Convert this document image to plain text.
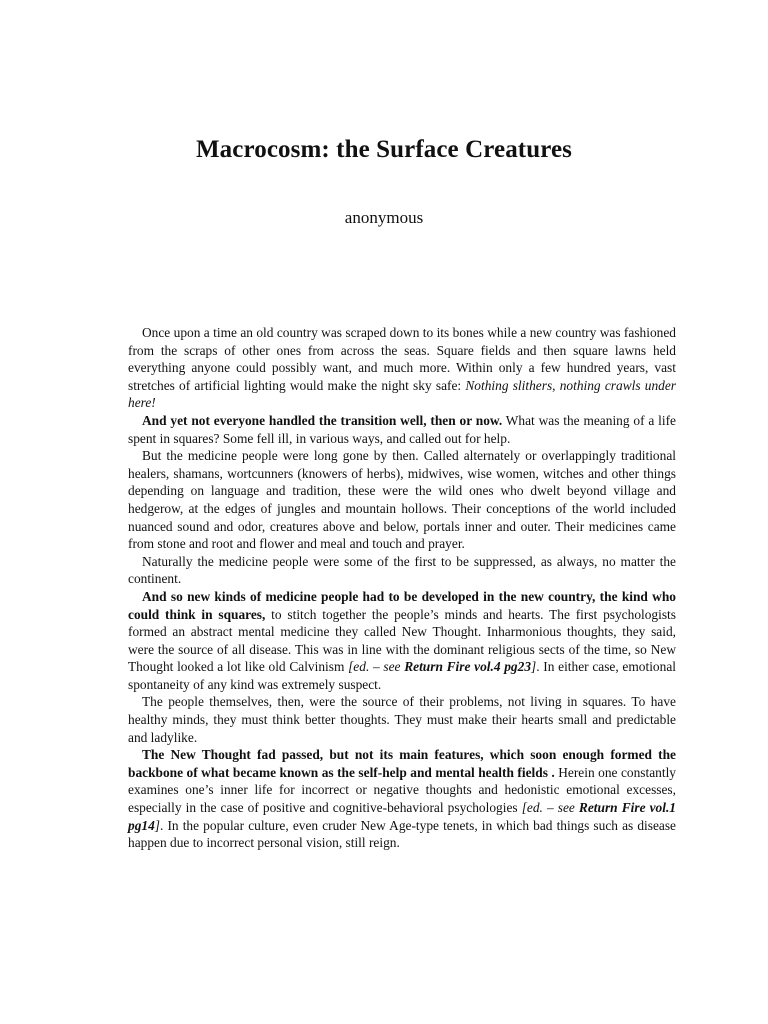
Macrocosm: the Surface Creatures
anonymous

Once upon a time an old country was scraped down to its bones while a new country was fashioned from the scraps of other ones from across the seas. Square fields and then square lawns held everything anyone could possibly want, and much more. Within only a few hundred years, vast stretches of artificial lighting would make the night sky safe: Nothing slithers, nothing crawls under here!

And yet not everyone handled the transition well, then or now. What was the meaning of a life spent in squares? Some fell ill, in various ways, and called out for help.

But the medicine people were long gone by then. Called alternately or overlappingly traditional healers, shamans, wortcunners (knowers of herbs), midwives, wise women, witches and other things depending on language and tradition, these were the wild ones who dwelt beyond village and hedgerow, at the edges of jungles and mountain hollows. Their conceptions of the world included nuanced sound and odor, creatures above and below, portals inner and outer. Their medicines came from stone and root and flower and meal and touch and prayer.

Naturally the medicine people were some of the first to be suppressed, as always, no matter the continent.

And so new kinds of medicine people had to be developed in the new country, the kind who could think in squares, to stitch together the people’s minds and hearts. The first psychologists formed an abstract mental medicine they called New Thought. Inharmonious thoughts, they said, were the source of all disease. This was in line with the dominant religious sects of the time, so New Thought looked a lot like old Calvinism [ed. – see Return Fire vol.4 pg23]. In either case, emotional spontaneity of any kind was extremely suspect.

The people themselves, then, were the source of their problems, not living in squares. To have healthy minds, they must think better thoughts. They must make their hearts small and predictable and ladylike.

The New Thought fad passed, but not its main features, which soon enough formed the backbone of what became known as the self-help and mental health fields . Herein one constantly examines one’s inner life for incorrect or negative thoughts and hedonistic emotional excesses, especially in the case of positive and cognitive-behavioral psychologies [ed. – see Return Fire vol.1 pg14]. In the popular culture, even cruder New Age-type tenets, in which bad things such as disease happen due to incorrect personal vision, still reign.
